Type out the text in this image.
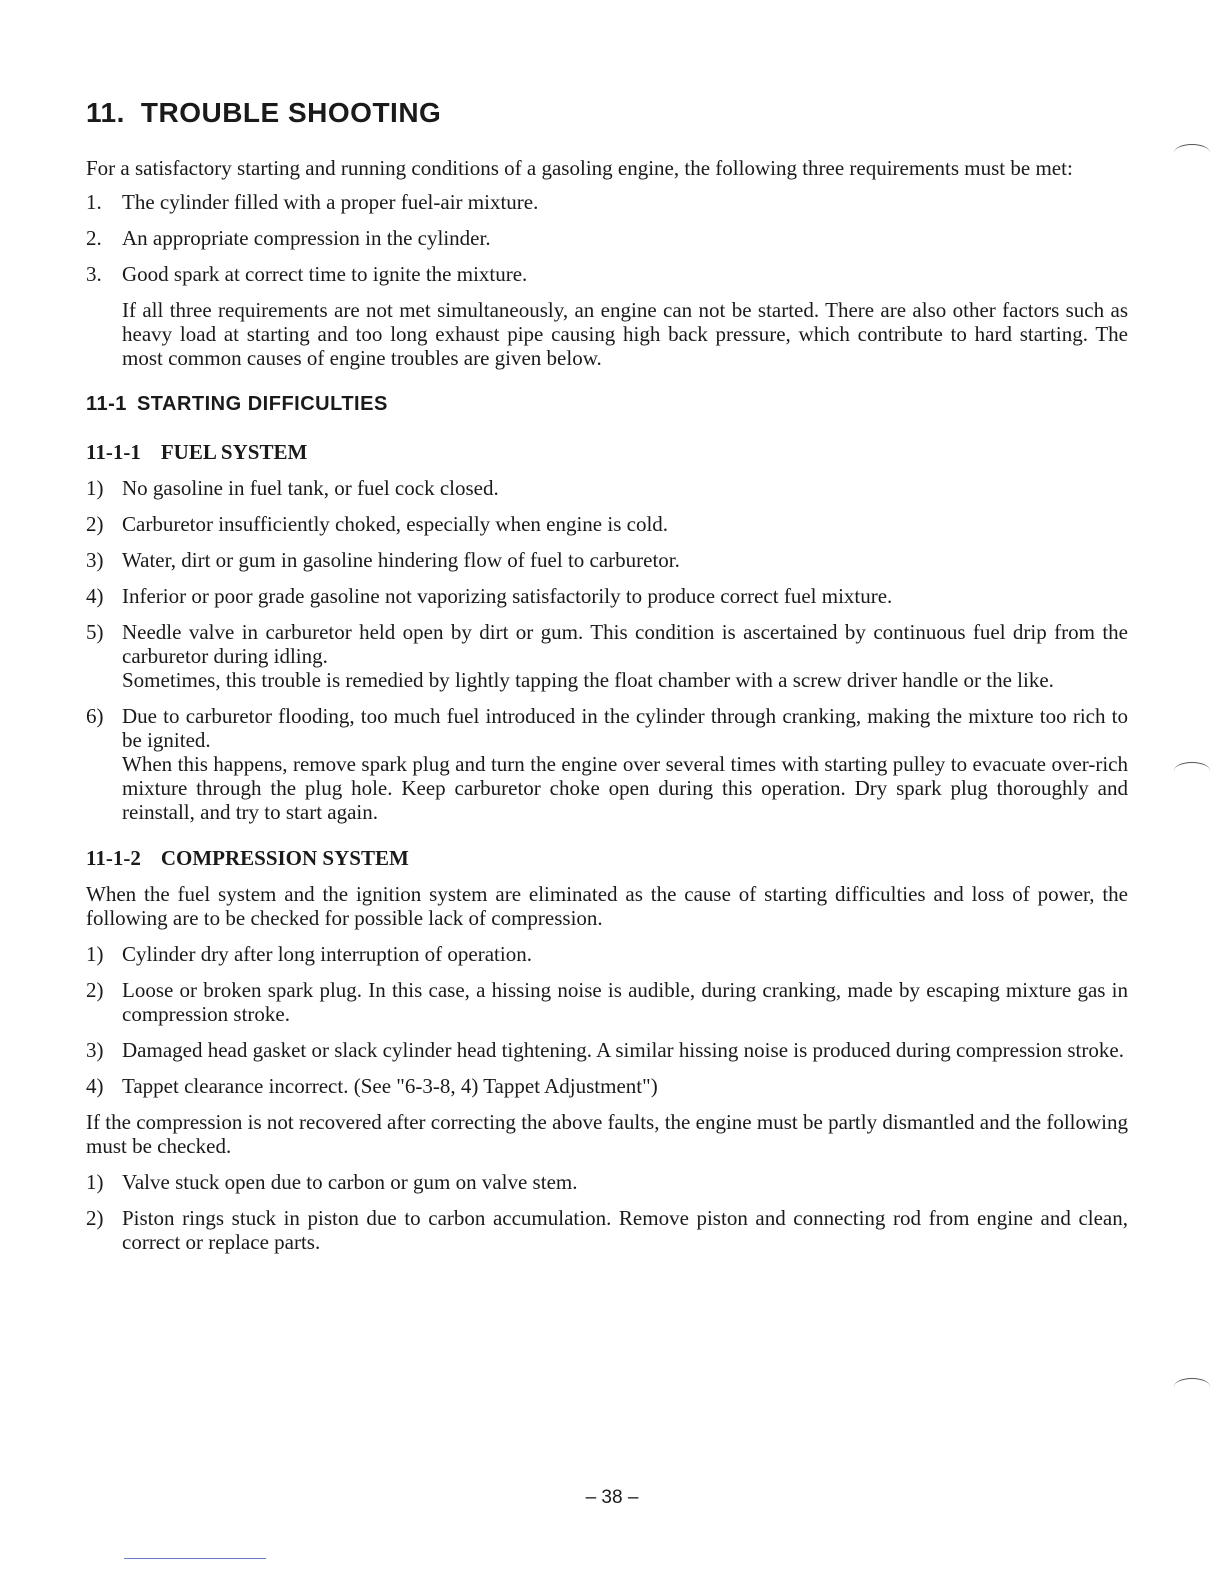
11. TROUBLE SHOOTING

For a satisfactory starting and running conditions of a gasoling engine, the following three requirements must be met:

1. The cylinder filled with a proper fuel-air mixture.
2. An appropriate compression in the cylinder.
3. Good spark at correct time to ignite the mixture.

If all three requirements are not met simultaneously, an engine can not be started. There are also other factors such as heavy load at starting and too long exhaust pipe causing high back pressure, which contribute to hard starting. The most common causes of engine troubles are given below.

11-1 STARTING DIFFICULTIES
11-1-1 FUEL SYSTEM
1) No gasoline in fuel tank, or fuel cock closed.
2) Carburetor insufficiently choked, especially when engine is cold.
3) Water, dirt or gum in gasoline hindering flow of fuel to carburetor.
4) Inferior or poor grade gasoline not vaporizing satisfactorily to produce correct fuel mixture.
5) Needle valve in carburetor held open by dirt or gum. This condition is ascertained by continuous fuel drip from the carburetor during idling.
Sometimes, this trouble is remedied by lightly tapping the float chamber with a screw driver handle or the like.
6) Due to carburetor flooding, too much fuel introduced in the cylinder through cranking, making the mixture too rich to be ignited.
When this happens, remove spark plug and turn the engine over several times with starting pulley to evacuate over-rich mixture through the plug hole. Keep carburetor choke open during this operation. Dry spark plug thoroughly and reinstall, and try to start again.
11-1-2 COMPRESSION SYSTEM

When the fuel system and the ignition system are eliminated as the cause of starting difficulties and loss of power, the following are to be checked for possible lack of compression.

1) Cylinder dry after long interruption of operation.
2) Loose or broken spark plug. In this case, a hissing noise is audible, during cranking, made by escaping mixture gas in compression stroke.
3) Damaged head gasket or slack cylinder head tightening. A similar hissing noise is produced during compression stroke.
4) Tappet clearance incorrect. (See "6-3-8, 4) Tappet Adjustment")

If the compression is not recovered after correcting the above faults, the engine must be partly dismantled and the following must be checked.

1) Valve stuck open due to carbon or gum on valve stem.
2) Piston rings stuck in piston due to carbon accumulation. Remove piston and connecting rod from engine and clean, correct or replace parts.
– 38 –
